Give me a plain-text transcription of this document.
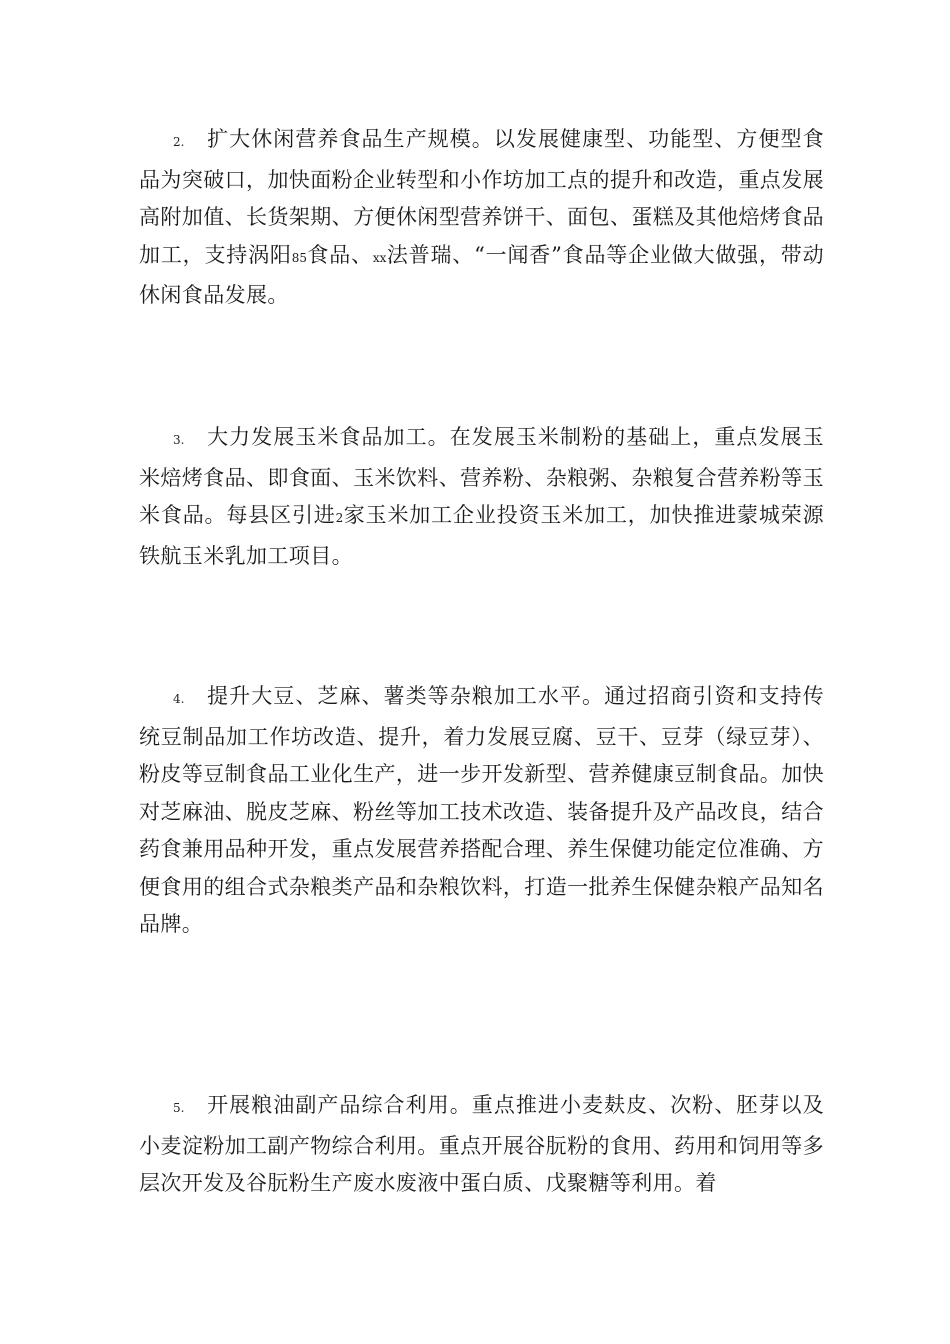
2. 扩大休闲营养食品生产规模。以发展健康型、功能型、方便型食品为突破口，加快面粉企业转型和小作坊加工点的提升和改造，重点发展高附加值、长货架期、方便休闲型营养饼干、面包、蛋糕及其他焙烤食品加工，支持涡阳85食品、xx法普瑞、“一闻香”食品等企业做大做强，带动休闲食品发展。

3. 大力发展玉米食品加工。在发展玉米制粉的基础上，重点发展玉米焙烤食品、即食面、玉米饮料、营养粉、杂粮粥、杂粮复合营养粉等玉米食品。每县区引进2家玉米加工企业投资玉米加工，加快推进蒙城荣源铁航玉米乳加工项目。

4. 提升大豆、芝麻、薯类等杂粮加工水平。通过招商引资和支持传统豆制品加工作坊改造、提升，着力发展豆腐、豆干、豆芽（绿豆芽）、粉皮等豆制食品工业化生产，进一步开发新型、营养健康豆制食品。加快对芝麻油、脱皮芝麻、粉丝等加工技术改造、装备提升及产品改良，结合药食兼用品种开发，重点发展营养搭配合理、养生保健功能定位准确、方便食用的组合式杂粮类产品和杂粮饮料，打造一批养生保健杂粮产品知名品牌。

5. 开展粮油副产品综合利用。重点推进小麦麸皮、次粉、胚芽以及小麦淀粉加工副产物综合利用。重点开展谷朊粉的食用、药用和饲用等多层次开发及谷朊粉生产废水废液中蛋白质、戊聚糖等利用。着
